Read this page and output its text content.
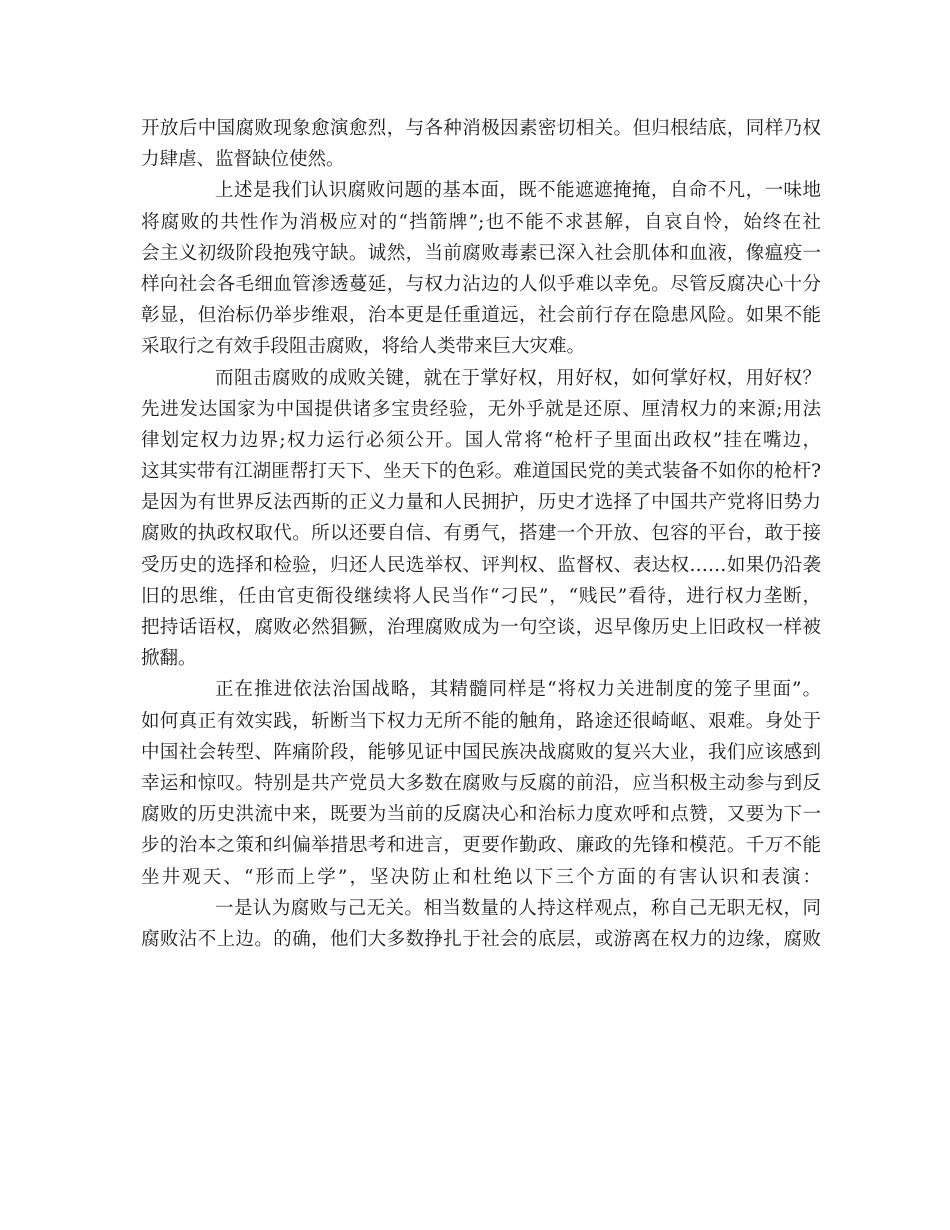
开放后中国腐败现象愈演愈烈，与各种消极因素密切相关。但归根结底，同样乃权
力肆虐、监督缺位使然。
上述是我们认识腐败问题的基本面，既不能遮遮掩掩，自命不凡，一味地
将腐败的共性作为消极应对的“挡箭牌”;也不能不求甚解，自哀自怜，始终在社
会主义初级阶段抱残守缺。诚然，当前腐败毒素已深入社会肌体和血液，像瘟疫一
样向社会各毛细血管渗透蔓延，与权力沾边的人似乎难以幸免。尽管反腐决心十分
彰显，但治标仍举步维艰，治本更是任重道远，社会前行存在隐患风险。如果不能
采取行之有效手段阻击腐败，将给人类带来巨大灾难。
而阻击腐败的成败关键，就在于掌好权，用好权，如何掌好权，用好权？
先进发达国家为中国提供诸多宝贵经验，无外乎就是还原、厘清权力的来源;用法
律划定权力边界;权力运行必须公开。国人常将“枪杆子里面出政权”挂在嘴边，
这其实带有江湖匪帮打天下、坐天下的色彩。难道国民党的美式装备不如你的枪杆?
是因为有世界反法西斯的正义力量和人民拥护，历史才选择了中国共产党将旧势力
腐败的执政权取代。所以还要自信、有勇气，搭建一个开放、包容的平台，敢于接
受历史的选择和检验，归还人民选举权、评判权、监督权、表达权……如果仍沿袭
旧的思维，任由官吏衙役继续将人民当作“刁民”，“贱民”看待，进行权力垄断，
把持话语权，腐败必然猖獗，治理腐败成为一句空谈，迟早像历史上旧政权一样被
掀翻。
正在推进依法治国战略，其精髓同样是“将权力关进制度的笼子里面”。
如何真正有效实践，斩断当下权力无所不能的触角，路途还很崎岖、艰难。身处于
中国社会转型、阵痛阶段，能够见证中国民族决战腐败的复兴大业，我们应该感到
幸运和惊叹。特别是共产党员大多数在腐败与反腐的前沿，应当积极主动参与到反
腐败的历史洪流中来，既要为当前的反腐决心和治标力度欢呼和点赞，又要为下一
步的治本之策和纠偏举措思考和进言，更要作勤政、廉政的先锋和模范。千万不能
坐井观天、“形而上学”，坚决防止和杜绝以下三个方面的有害认识和表演：
一是认为腐败与己无关。相当数量的人持这样观点，称自己无职无权，同
腐败沾不上边。的确，他们大多数挣扎于社会的底层，或游离在权力的边缘，腐败
